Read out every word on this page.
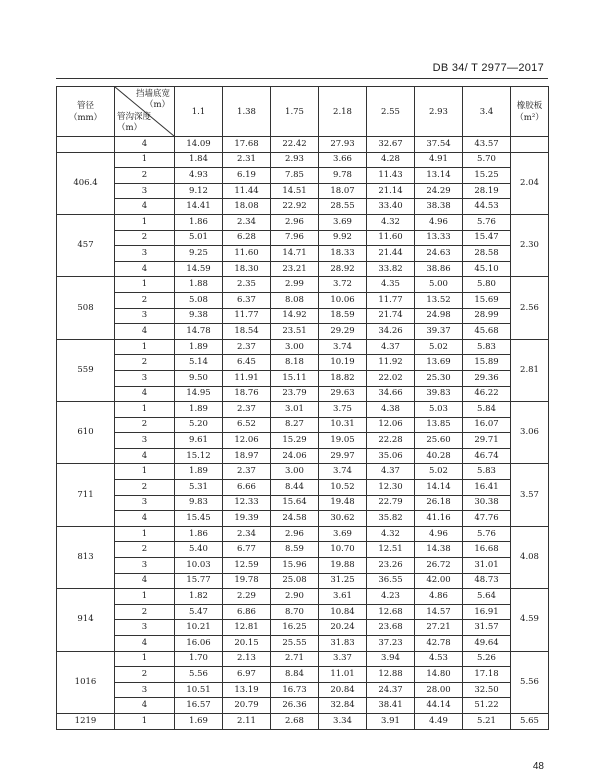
DB 34/ T 2977—2017
管径
（mm）	挡墙底宽
（m）
管沟深度
（m）	1.1	1.38	1.75	2.18	2.55	2.93	3.4	橡胶板
（m²）
	4	14.09	17.68	22.42	27.93	32.67	37.54	43.57	
406.4	1	1.84	2.31	2.93	3.66	4.28	4.91	5.70	2.04
	2	4.93	6.19	7.85	9.78	11.43	13.14	15.25	
	3	9.12	11.44	14.51	18.07	21.14	24.29	28.19	
	4	14.41	18.08	22.92	28.55	33.40	38.38	44.53	
457	1	1.86	2.34	2.96	3.69	4.32	4.96	5.76	2.30
	2	5.01	6.28	7.96	9.92	11.60	13.33	15.47	
	3	9.25	11.60	14.71	18.33	21.44	24.63	28.58	
	4	14.59	18.30	23.21	28.92	33.82	38.86	45.10	
508	1	1.88	2.35	2.99	3.72	4.35	5.00	5.80	2.56
	2	5.08	6.37	8.08	10.06	11.77	13.52	15.69	
	3	9.38	11.77	14.92	18.59	21.74	24.98	28.99	
	4	14.78	18.54	23.51	29.29	34.26	39.37	45.68	
559	1	1.89	2.37	3.00	3.74	4.37	5.02	5.83	2.81
	2	5.14	6.45	8.18	10.19	11.92	13.69	15.89	
	3	9.50	11.91	15.11	18.82	22.02	25.30	29.36	
	4	14.95	18.76	23.79	29.63	34.66	39.83	46.22	
610	1	1.89	2.37	3.01	3.75	4.38	5.03	5.84	3.06
	2	5.20	6.52	8.27	10.31	12.06	13.85	16.07	
	3	9.61	12.06	15.29	19.05	22.28	25.60	29.71	
	4	15.12	18.97	24.06	29.97	35.06	40.28	46.74	
711	1	1.89	2.37	3.00	3.74	4.37	5.02	5.83	3.57
	2	5.31	6.66	8.44	10.52	12.30	14.14	16.41	
	3	9.83	12.33	15.64	19.48	22.79	26.18	30.38	
	4	15.45	19.39	24.58	30.62	35.82	41.16	47.76	
813	1	1.86	2.34	2.96	3.69	4.32	4.96	5.76	4.08
	2	5.40	6.77	8.59	10.70	12.51	14.38	16.68	
	3	10.03	12.59	15.96	19.88	23.26	26.72	31.01	
	4	15.77	19.78	25.08	31.25	36.55	42.00	48.73	
914	1	1.82	2.29	2.90	3.61	4.23	4.86	5.64	4.59
	2	5.47	6.86	8.70	10.84	12.68	14.57	16.91	
	3	10.21	12.81	16.25	20.24	23.68	27.21	31.57	
	4	16.06	20.15	25.55	31.83	37.23	42.78	49.64	
1016	1	1.70	2.13	2.71	3.37	3.94	4.53	5.26	5.56
	2	5.56	6.97	8.84	11.01	12.88	14.80	17.18	
	3	10.51	13.19	16.73	20.84	24.37	28.00	32.50	
	4	16.57	20.79	26.36	32.84	38.41	44.14	51.22	
1219	1	1.69	2.11	2.68	3.34	3.91	4.49	5.21	5.65
48
